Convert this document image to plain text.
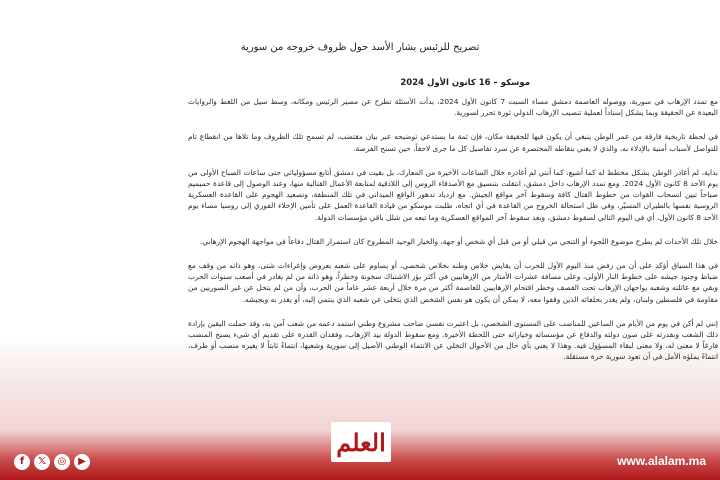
تصريح للرئيس بشار الأسد حول ظروف خروجه من سورية
موسكو – 16 كانون الأول 2024

مع تمدد الإرهاب في سورية، ووصوله العاصمة دمشق مساء السبت 7 كانون الأول 2024، بدأت الأسئلة تطرح عن مصير الرئيس ومكانه، وسط سيل من اللغط والروايات البعيدة عن الحقيقة وبما يشكل إسناداً لعملية تنصيب الإرهاب الدولي ثورة تحرر لسورية.

في لحظة تاريخية فارقة من عمر الوطن ينبغي أن يكون فيها للحقيقة مكان، فإن ثمة ما يستدعي توضيحه عبر بيان مقتضب، لم تسمح تلك الظروف وما تلاها من انقطاع تام للتواصل لأسباب أمنية بالإدلاء به، والذي لا يغني بنقاطه المختصرة عن سرد تفاصيل كل ما جرى لاحقاً، حين تسنح الفرصة.

بداية، لم أغادر الوطن بشكل مخطط له كما أشيع، كما أنني لم أغادره خلال الساعات الأخيرة من المعارك، بل بقيت في دمشق أتابع مسؤولياتي حتى ساعات الصباح الأولى من يوم الأحد 8 كانون الأول 2024. ومع تمدد الإرهاب داخل دمشق، انتقلت بتنسيق مع الأصدقاء الروس إلى اللاذقية لمتابعة الأعمال القتالية منها، وعند الوصول إلى قاعدة حميميم صباحاً تبين انسحاب القوات من خطوط القتال كافة وسقوط آخر مواقع الجيش. مع ازدياد تدهور الواقع الميداني في تلك المنطقة، وتصعيد الهجوم على القاعدة العسكرية الروسية نفسها بالطيران المسيّر، وفي ظل استحالة الخروج من القاعدة في أي اتجاه، طلبت موسكو من قيادة القاعدة العمل على تأمين الإخلاء الفوري إلى روسيا مساء يوم الأحد 8 كانون الأول، أي في اليوم التالي لسقوط دمشق، وبعد سقوط آخر المواقع العسكرية وما تبعه من شلل باقي مؤسسات الدولة.

خلال تلك الأحداث لم يطرح موضوع اللجوء أو التنحي من قبلي أو من قبل أي شخص أو جهة، والخيار الوحيد المطروح كان استمرار القتال دفاعاً في مواجهة الهجوم الإرهابي.

في هذا السياق أؤكد على أن من رفض منذ اليوم الأول للحرب أن يقايض خلاص وطنه بخلاص شخصي، أو يساوم على شعبه بعروض وإغراءات شتى، وهو ذاته من وقف مع ضباط وجنود جيشه على خطوط النار الأولى، وعلى مسافة عشرات الأمتار من الإرهابيين في أكثر بؤر الاشتباك سخونة وخطراً، وهو ذاته من لم يغادر في أصعب سنوات الحرب وبقي مع عائلته وشعبه يواجهان الإرهاب تحت القصف وخطر اقتحام الإرهابيين للعاصمة أكثر من مرة خلال أربعة عشر عاماً من الحرب، وأن من لم يتخل عن غير السوريين من مقاومة في فلسطين ولبنان، ولم يغدر بحلفائه الذين وقفوا معه، لا يمكن أن يكون هو نفس الشخص الذي يتخلى عن شعبه الذي ينتمي إليه، أو يغدر به وبجيشه.

إنني لم أكن في يوم من الأيام من الساعين للمناصب على المستوى الشخصي، بل اعتبرت نفسي صاحب مشروع وطني استمد دعمه من شعب آمن به، وقد حملت اليقين بإرادة ذلك الشعب وبقدرته على صون دولته والدفاع عن مؤسساته وخياراته حتى اللحظة الأخيرة. ومع سقوط الدولة بيد الإرهاب، وفقدان القدرة على تقديم أي شيء يصبح المنصب فارغاً لا معنى له، ولا معنى لبقاء المسؤول فيه. وهذا لا يعني بأي حال من الأحوال التخلي عن الانتماء الوطني الأصيل إلى سورية وشعبها، انتماءً ثابتاً لا يغيره منصب أو ظرف، انتماءً يملؤه الأمل في أن تعود سورية حرة مستقلة.

f	𝕏	◎	▶
العلم
www.alalam.ma
